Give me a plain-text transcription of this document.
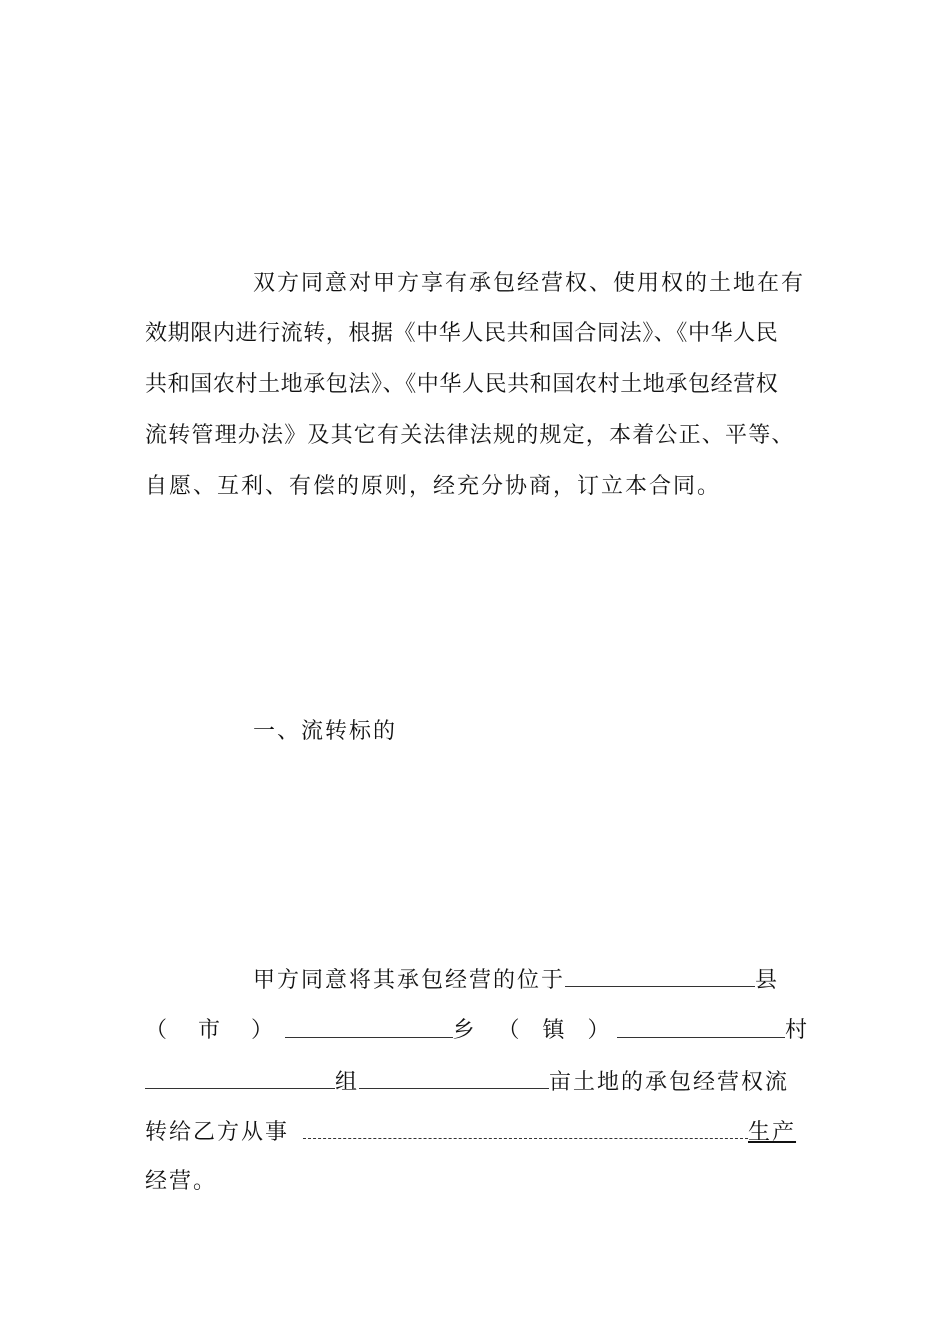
双方同意对甲方享有承包经营权、使用权的土地在有
效期限内进行流转，根据《中华人民共和国合同法》、《中华人民
共和国农村土地承包法》、《中华人民共和国农村土地承包经营权
流转管理办法》及其它有关法律法规的规定，本着公正、平等、
自愿、互利、有偿的原则，经充分协商，订立本合同。
一、流转标的
甲方同意将其承包经营的位于	县
（ 市 ）	乡 （ 镇 ）	村
组	亩土地的承包经营权流
转给乙方从事	生产
经营。
